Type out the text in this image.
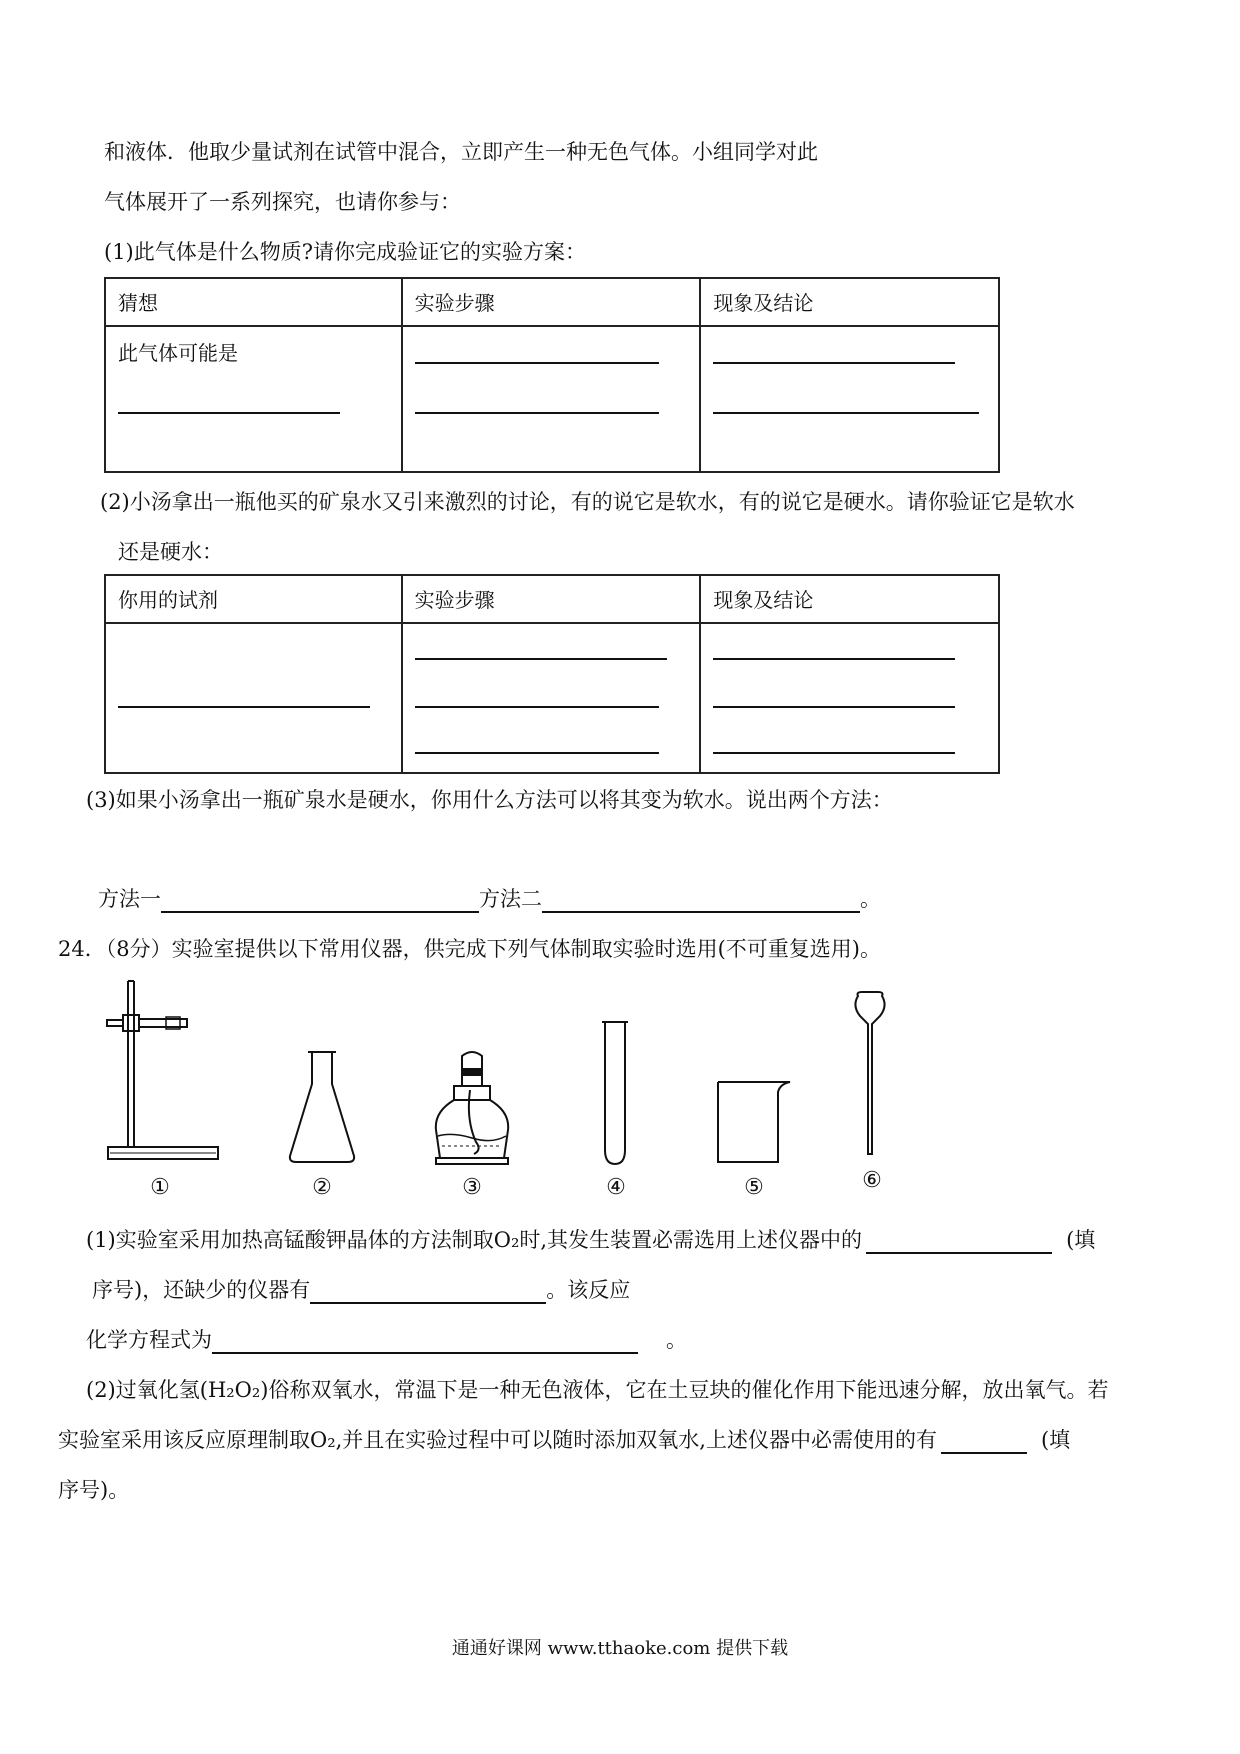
和液体．他取少量试剂在试管中混合，立即产生一种无色气体。小组同学对此
气体展开了一系列探究，也请你参与：
(1)此气体是什么物质?请你完成验证它的实验方案：
猜想	实验步骤	现象及结论

此气体可能是		

(2)小汤拿出一瓶他买的矿泉水又引来激烈的讨论，有的说它是软水，有的说它是硬水。请你验证它是软水
还是硬水：
你用的试剂	实验步骤	现象及结论

(3)如果小汤拿出一瓶矿泉水是硬水，你用什么方法可以将其变为软水。说出两个方法：
方法一	方法二	。
24．（8分）实验室提供以下常用仪器，供完成下列气体制取实验时选用(不可重复选用)。
①	②	③	④	⑤	⑥
(1)实验室采用加热高锰酸钾晶体的方法制取O₂时,其发生装置必需选用上述仪器中的	(填
序号)，还缺少的仪器有	。该反应
化学方程式为	。
(2)过氧化氢(H₂O₂)俗称双氧水，常温下是一种无色液体，它在土豆块的催化作用下能迅速分解，放出氧气。若
实验室采用该反应原理制取O₂,并且在实验过程中可以随时添加双氧水,上述仪器中必需使用的有	(填
序号)。
通通好课网 www.tthaoke.com 提供下载
